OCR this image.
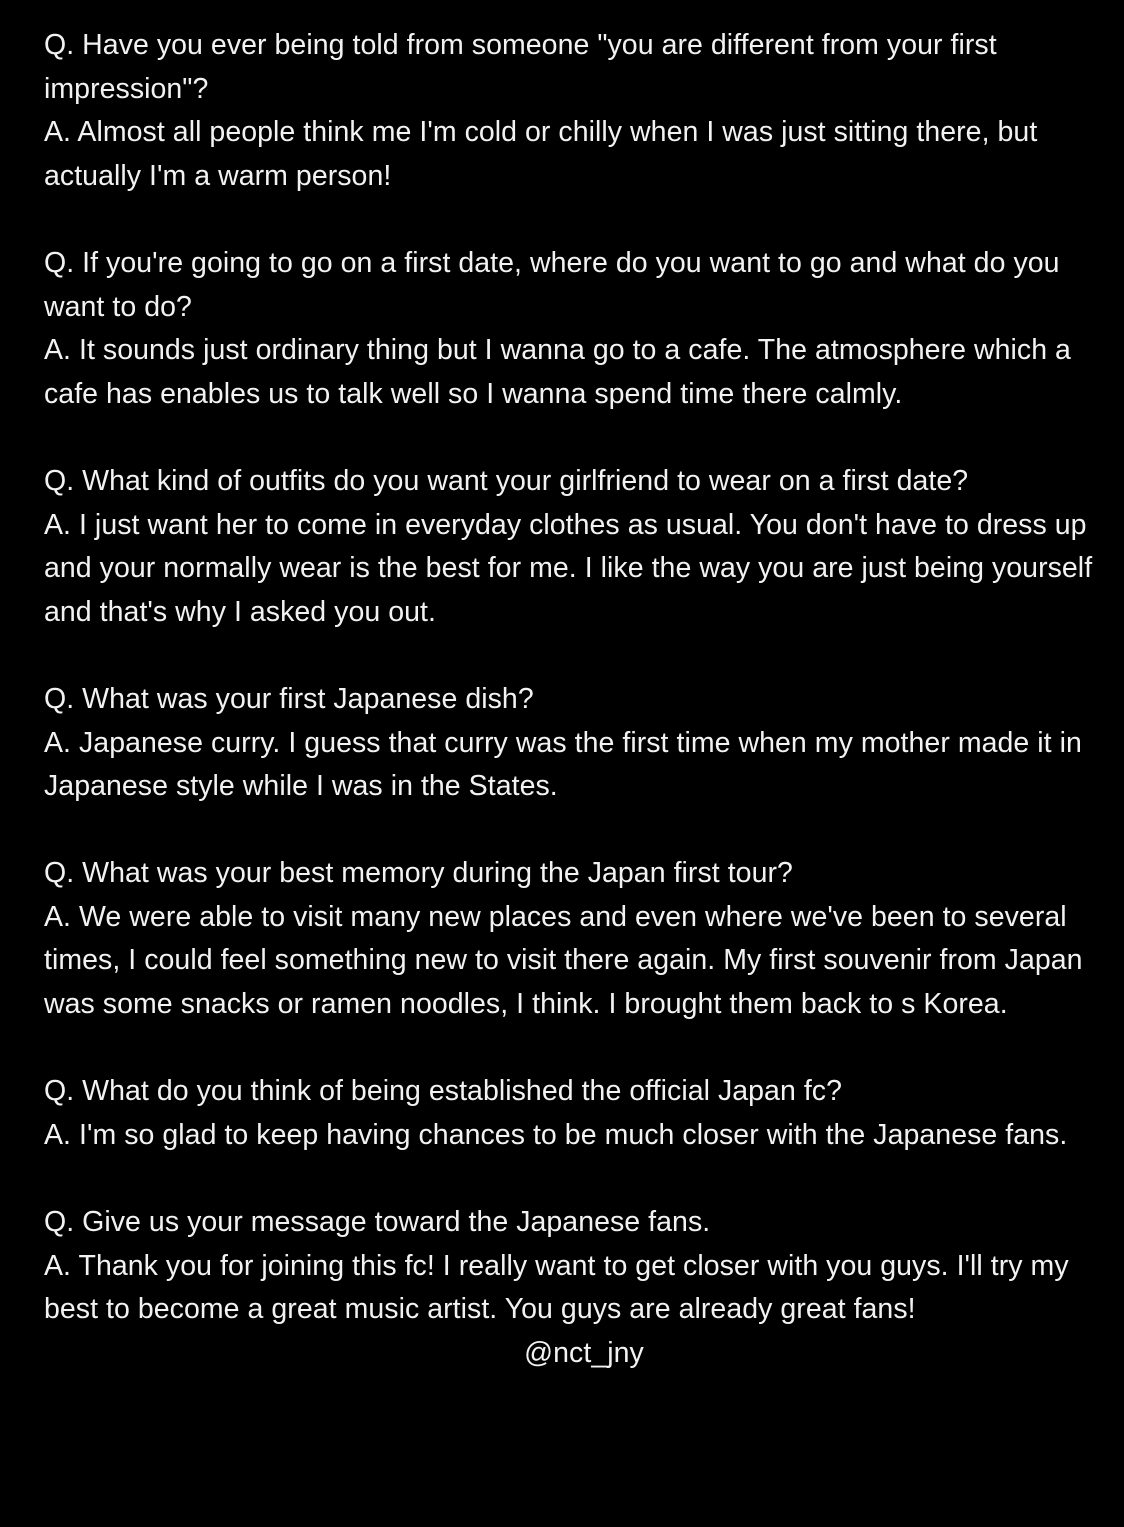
Q. Have you ever being told from someone "you are different from your first impression"?
A. Almost all people think me I'm cold or chilly when I was just sitting there, but actually I'm a warm person!
Q. If you're going to go on a first date, where do you want to go and what do you want to do?
A. It sounds just ordinary thing but I wanna go to a cafe. The atmosphere which a cafe has enables us to talk well so I wanna spend time there calmly.
Q. What kind of outfits do you want your girlfriend to wear on a first date?
A. I just want her to come in everyday clothes as usual. You don't have to dress up and your normally wear is the best for me. I like the way you are just being yourself and that's why I asked you out.
Q. What was your first Japanese dish?
A. Japanese curry. I guess that curry was the first time when my mother made it in Japanese style while I was in the States.
Q. What was your best memory during the Japan first tour?
A. We were able to visit many new places and even where we've been to several times, I could feel something new to visit there again. My first souvenir from Japan was some snacks or ramen noodles, I think. I brought them back to s Korea.
Q. What do you think of being established the official Japan fc?
A. I'm so glad to keep having chances to be much closer with the Japanese fans.
Q. Give us your message toward the Japanese fans.
A. Thank you for joining this fc! I really want to get closer with you guys. I'll try my best to become a great music artist. You guys are already great fans!
@nct_jny
